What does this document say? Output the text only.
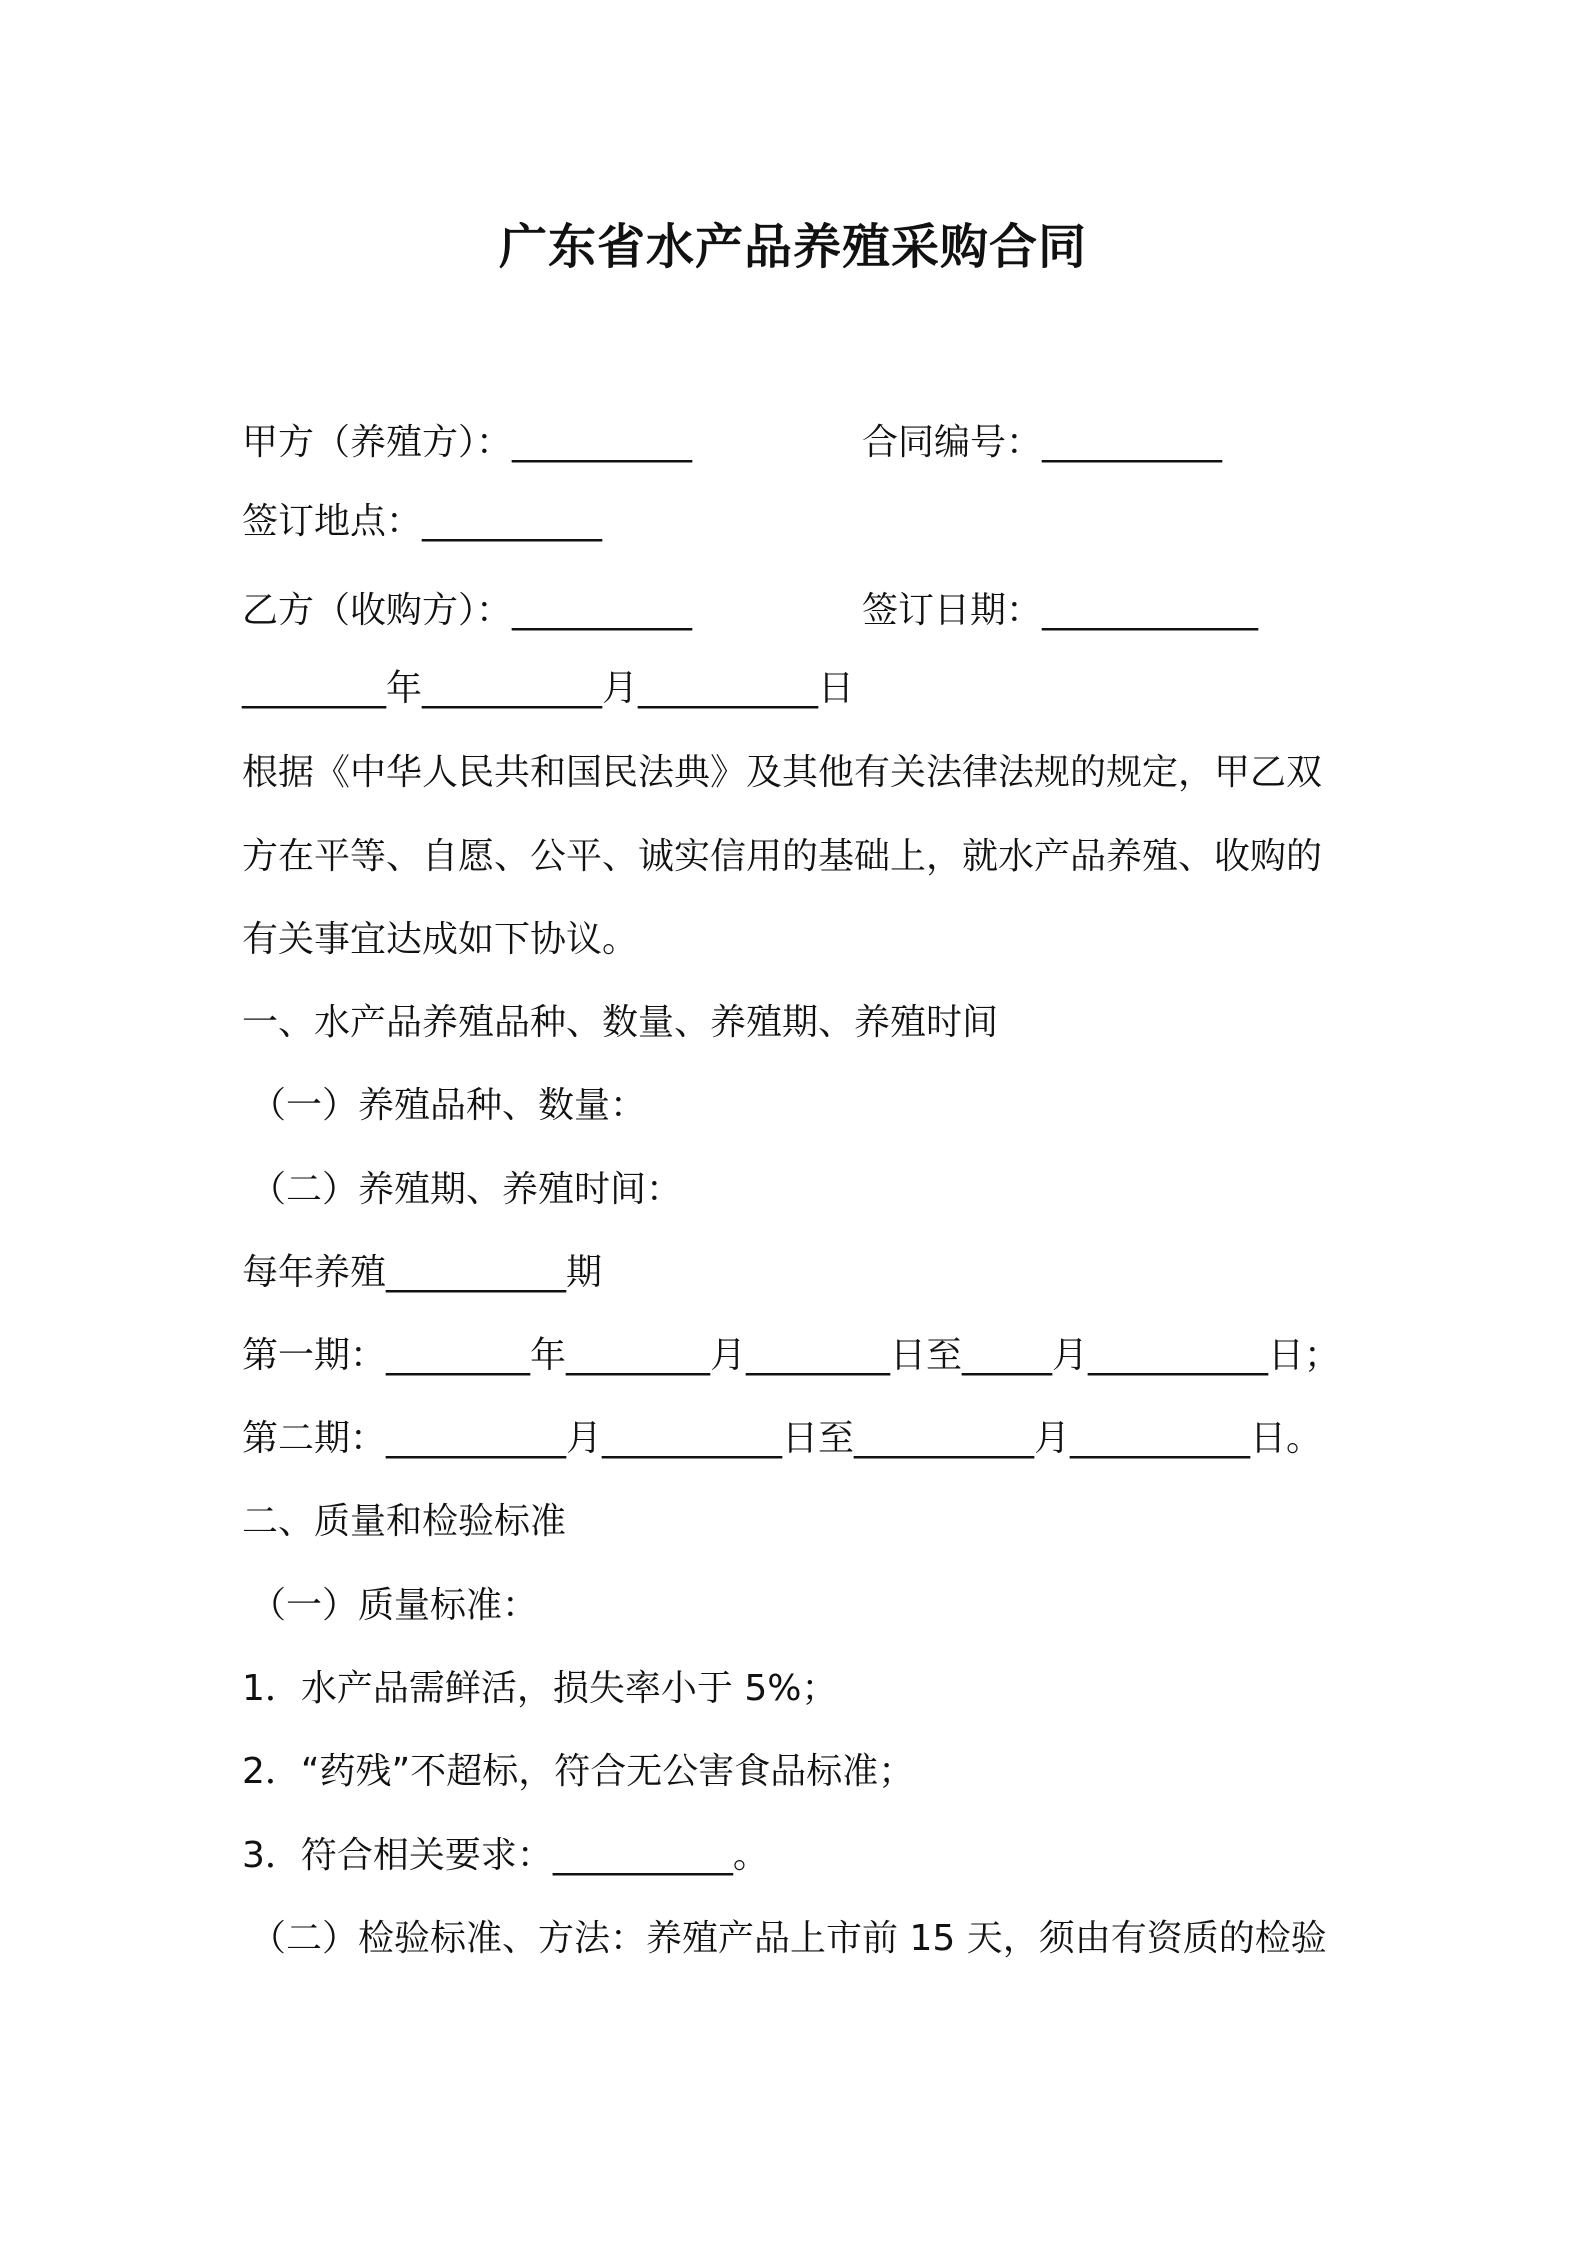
广东省水产品养殖采购合同
甲方（养殖方）：__________	合同编号：__________
签订地点：__________
乙方（收购方）：__________	签订日期：____________
________年__________月__________日
根据《中华人民共和国民法典》及其他有关法律法规的规定，甲乙双
方在平等、自愿、公平、诚实信用的基础上，就水产品养殖、收购的
有关事宜达成如下协议。
一、水产品养殖品种、数量、养殖期、养殖时间
（一）养殖品种、数量：
（二）养殖期、养殖时间：
每年养殖__________期
第一期：________年________月________日至_____月__________日；
第二期：__________月__________日至__________月__________日。
二、质量和检验标准
（一）质量标准：
1．水产品需鲜活，损失率小于 5%；
2．“药残”不超标，符合无公害食品标准；
3．符合相关要求：__________。
（二）检验标准、方法：养殖产品上市前 15 天，须由有资质的检验
